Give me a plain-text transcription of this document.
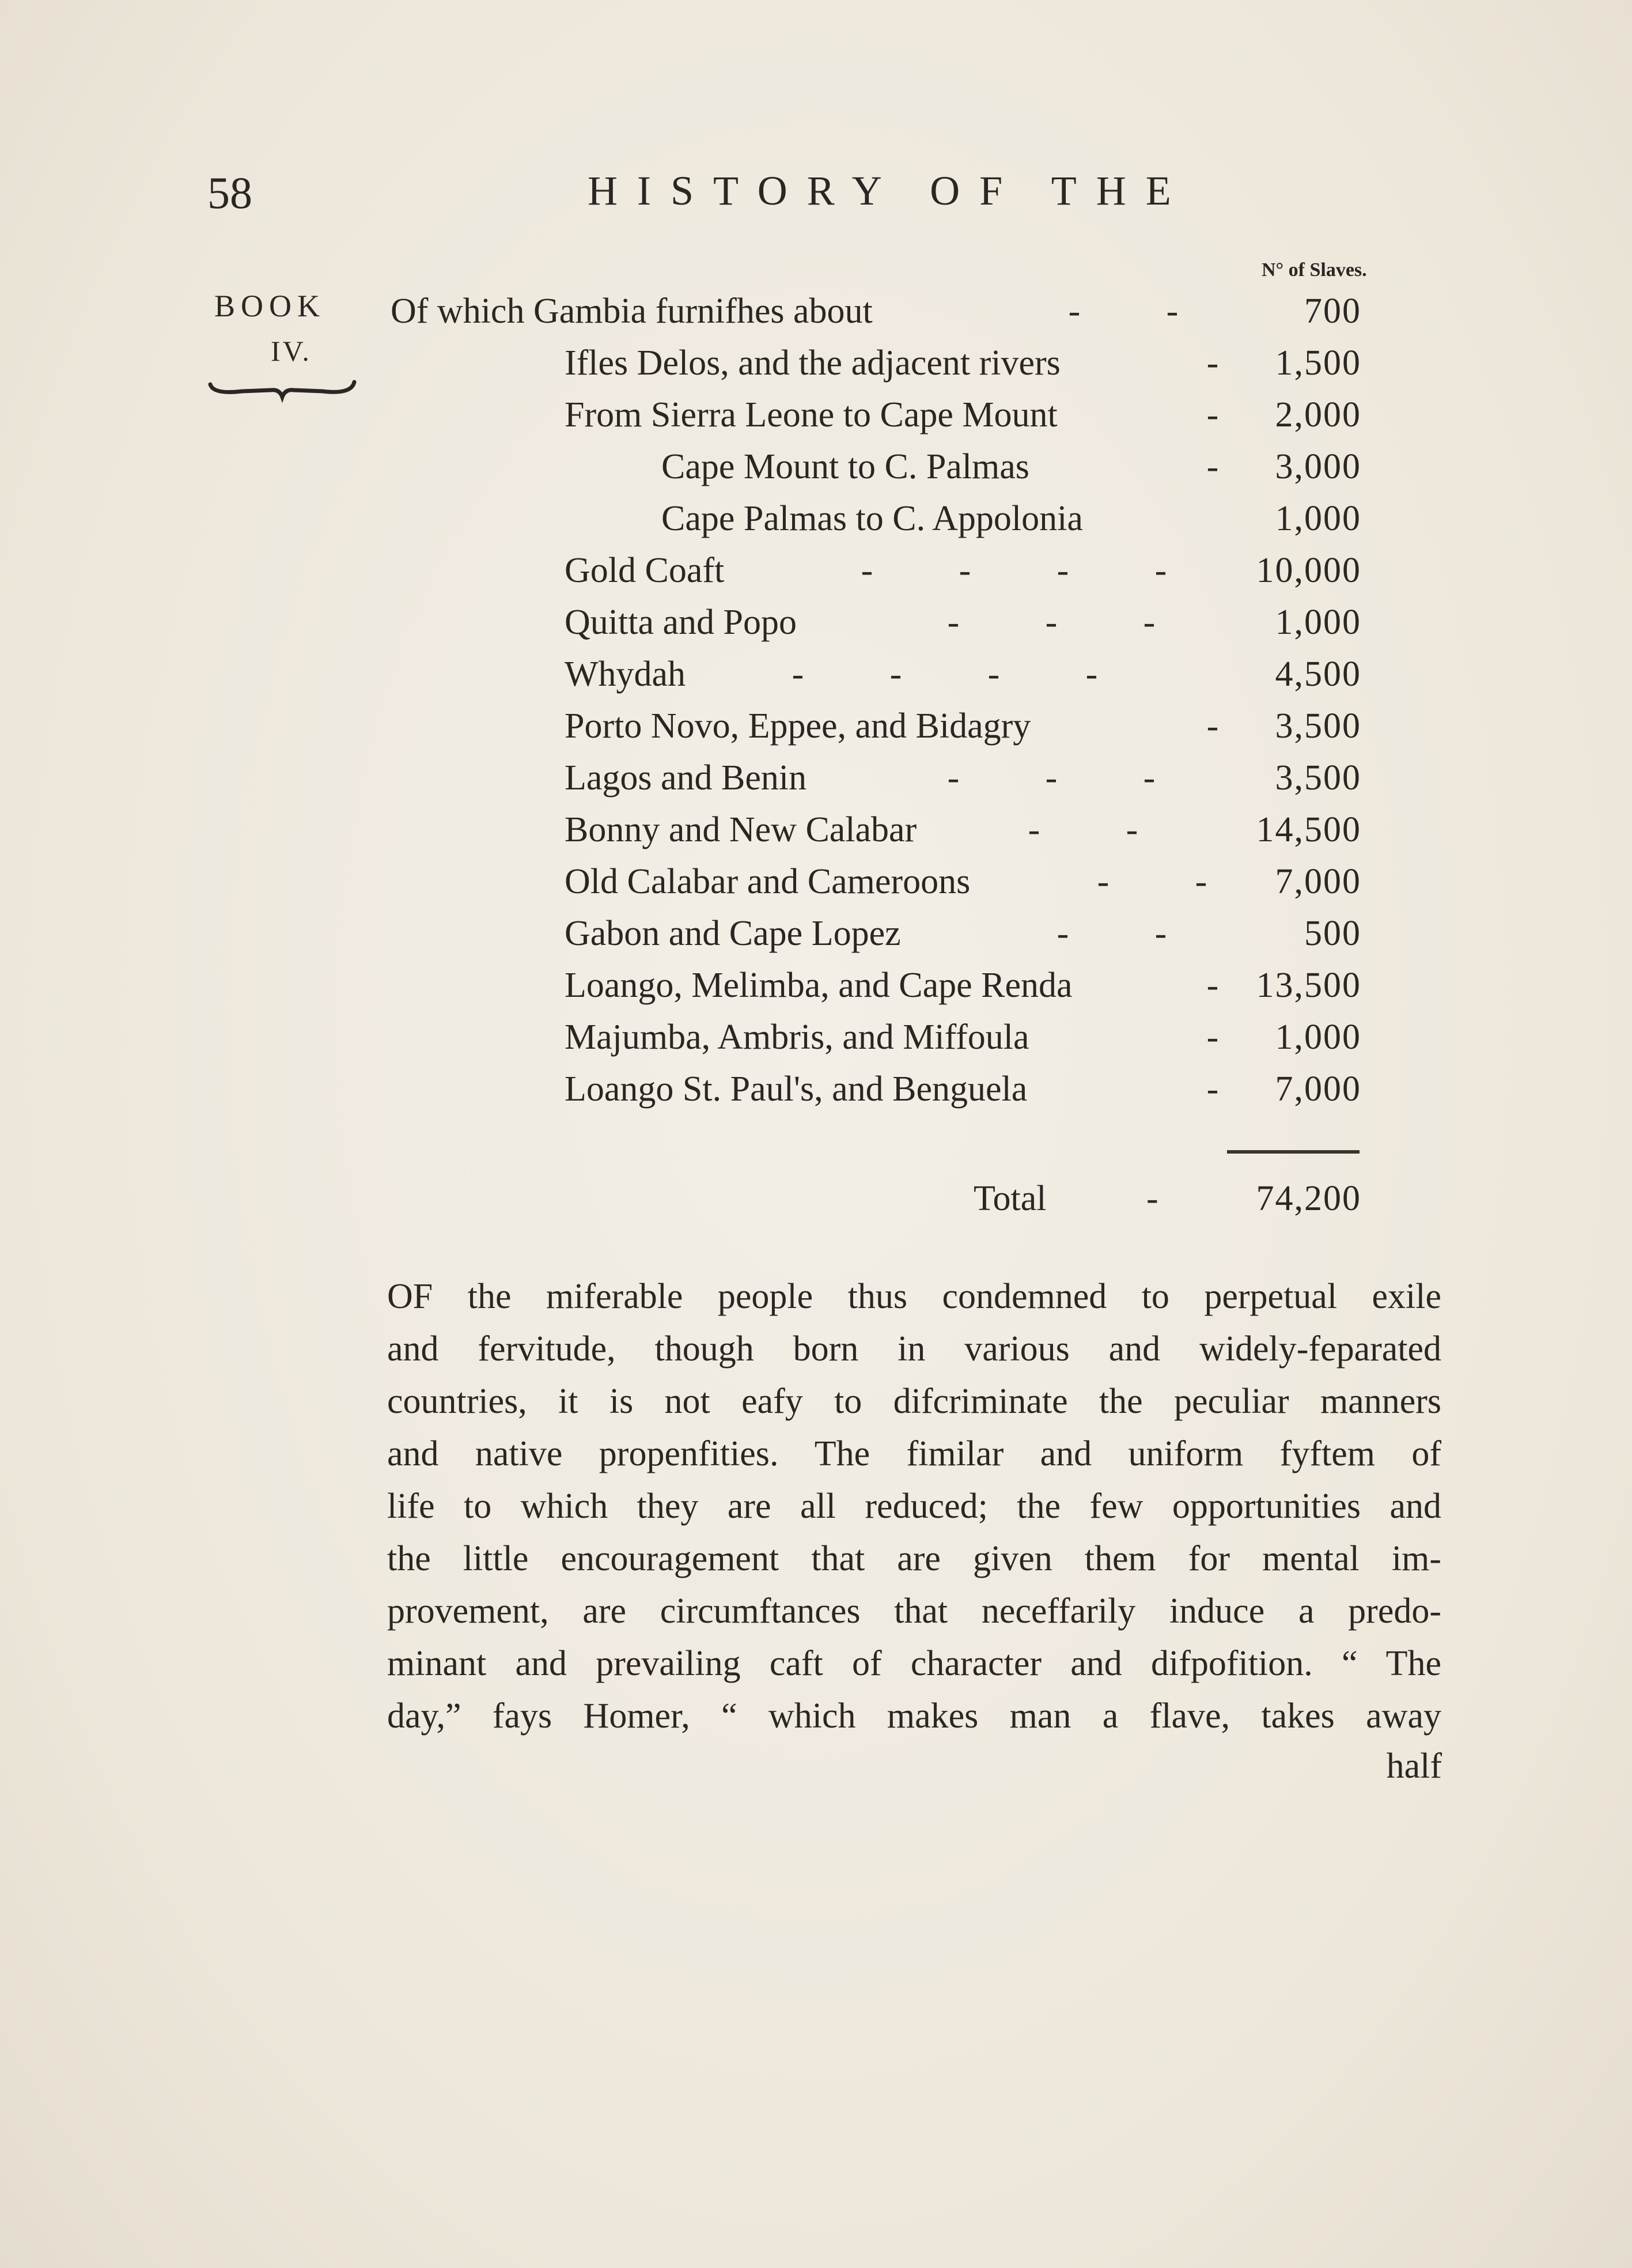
58	HISTORY OF THE
BOOK
IV.
N° of Slaves.
Of which Gambia furnifhes about	- -	700
Ifles Delos, and the adjacent rivers	-	1,500
From Sierra Leone to Cape Mount	-	2,000
Cape Mount to C. Palmas	-	3,000
Cape Palmas to C. Appolonia	1,000
Gold Coaft	- - - -	10,000
Quitta and Popo	- - -	1,000
Whydah	- - - -	4,500
Porto Novo, Eppee, and Bidagry	-	3,500
Lagos and Benin	- - -	3,500
Bonny and New Calabar	- -	14,500
Old Calabar and Cameroons	- -	7,000
Gabon and Cape Lopez	- -	500
Loango, Melimba, and Cape Renda	-	13,500
Majumba, Ambris, and Miffoula	-	1,000
Loango St. Paul's, and Benguela	-	7,000
Total	-	74,200
OF the miferable people thus condemned to perpetual exile
and fervitude, though born in various and widely-feparated
countries, it is not eafy to difcriminate the peculiar manners
and native propenfities. The fimilar and uniform fyftem of
life to which they are all reduced; the few opportunities and
the little encouragement that are given them for mental im-
provement, are circumftances that neceffarily induce a predo-
minant and prevailing caft of character and difpofition. “ The
day,” fays Homer, “ which makes man a flave, takes away
half
